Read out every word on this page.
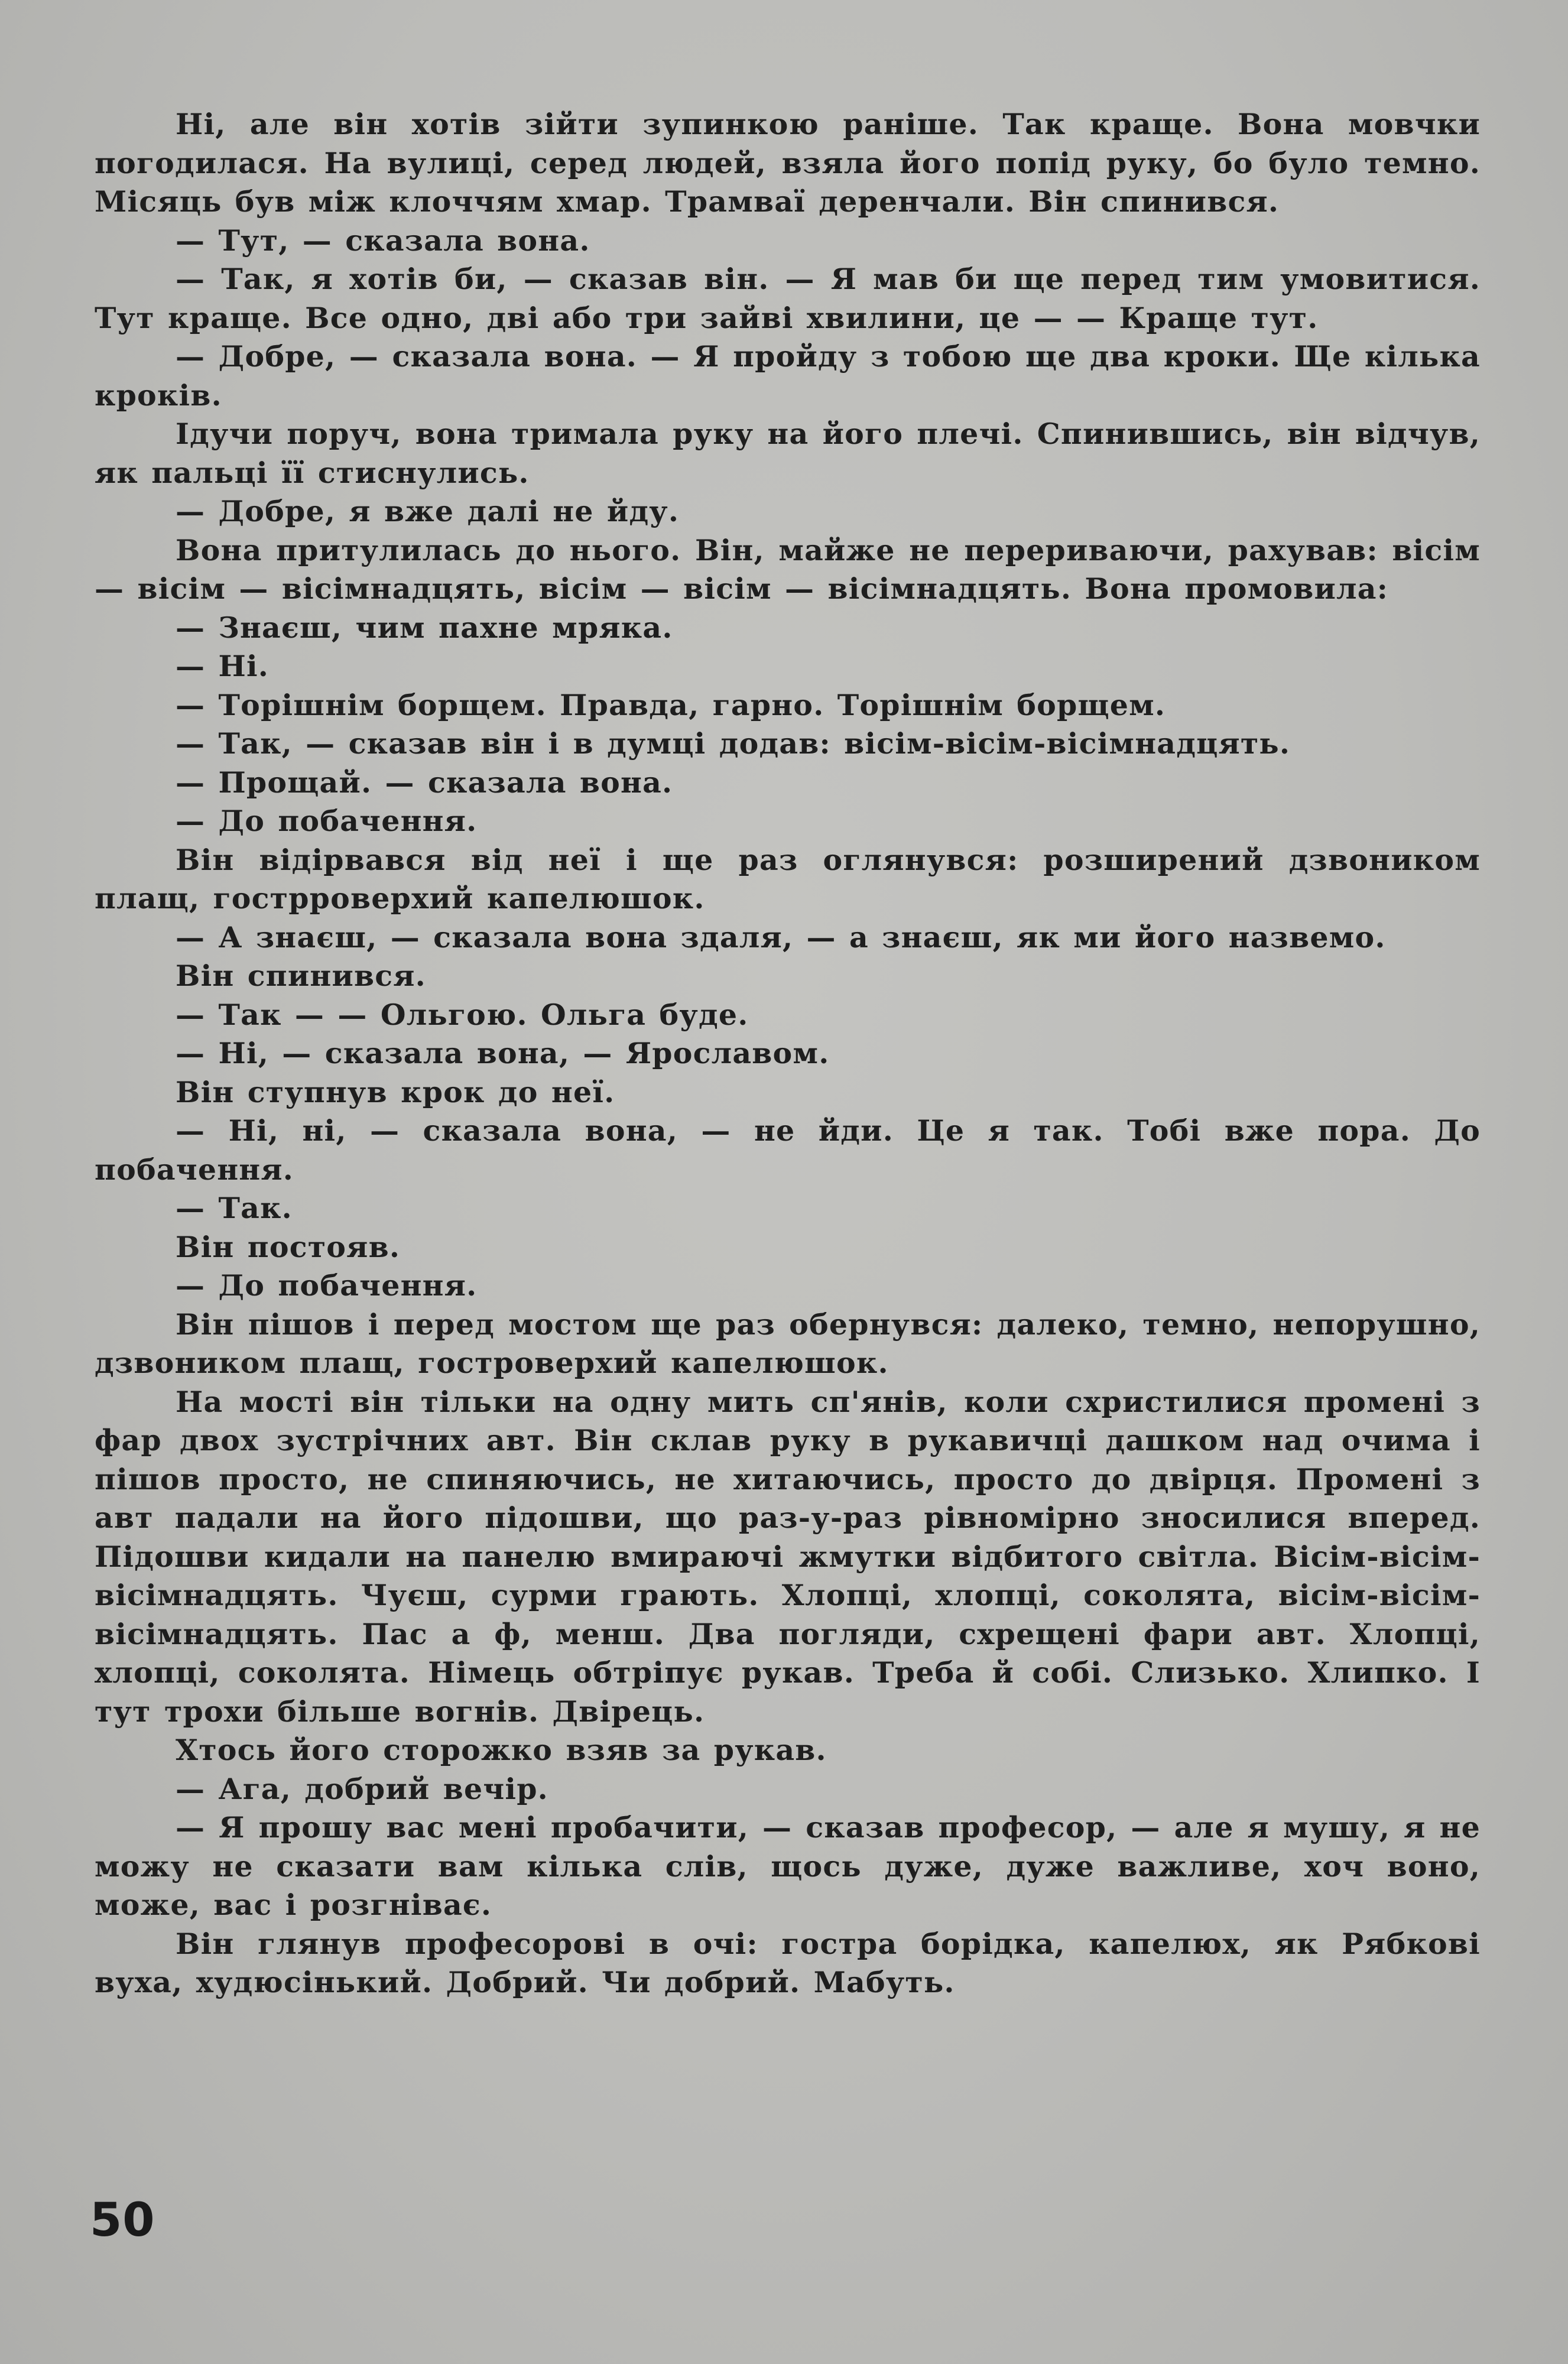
Ні, але він хотів зійти зупинкою раніше. Так краще. Вона мовчки погодилася. На вулиці, серед людей, взяла його попід руку, бо було темно. Місяць був між клоччям хмар. Трамваї деренчали. Він спинився.

— Тут, — сказала вона.

— Так, я хотів би, — сказав він. — Я мав би ще перед тим умовитися. Тут краще. Все одно, дві або три зайві хвилини, це — — Краще тут.

— Добре, — сказала вона. — Я пройду з тобою ще два кроки. Ще кілька кроків.

Ідучи поруч, вона тримала руку на його плечі. Спинившись, він відчув, як пальці її стиснулись.

— Добре, я вже далі не йду.

Вона притулилась до нього. Він, майже не перериваючи, рахував: вісім — вісім — вісімнадцять, вісім — вісім — вісімнадцять. Вона промовила:

— Знаєш, чим пахне мряка.

— Ні.

— Торішнім борщем. Правда, гарно. Торішнім борщем.

— Так, — сказав він і в думці додав: вісім-вісім-вісімнадцять.

— Прощай. — сказала вона.

— До побачення.

Він відірвався від неї і ще раз оглянувся: розширений дзвоником плащ, гострроверхий капелюшок.

— А знаєш, — сказала вона здаля, — а знаєш, як ми його назвемо.

Він спинився.

— Так — — Ольгою. Ольга буде.

— Ні, — сказала вона, — Ярославом.

Він ступнув крок до неї.

— Ні, ні, — сказала вона, — не йди. Це я так. Тобі вже пора. До побачення.

— Так.

Він постояв.

— До побачення.

Він пішов і перед мостом ще раз обернувся: далеко, темно, непорушно, дзвоником плащ, гостроверхий капелюшок.

На мості він тільки на одну мить сп'янів, коли схристилися промені з фар двох зустрічних авт. Він склав руку в рукавичці дашком над очима і пішов просто, не спиняючись, не хитаючись, просто до двірця. Промені з авт падали на його підошви, що раз-у-раз рівномірно зносилися вперед. Підошви кидали на панелю вмираючі жмутки відбитого світла. Вісім-вісім-вісімнадцять. Чуєш, сурми грають. Хлопці, хлопці, соколята, вісім-вісім-вісімнадцять. Пас а ф, менш. Два погляди, схрещені фари авт. Хлопці, хлопці, соколята. Німець обтріпує рукав. Треба й собі. Слизько. Хлипко. І тут трохи більше вогнів. Двірець.

Хтось його сторожко взяв за рукав.

— Ага, добрий вечір.

— Я прошу вас мені пробачити, — сказав професор, — але я мушу, я не можу не сказати вам кілька слів, щось дуже, дуже важливе, хоч воно, може, вас і розгніває.

Він глянув професорові в очі: гостра борідка, капелюх, як Рябкові вуха, худюсінький. Добрий. Чи добрий. Мабуть.

50
